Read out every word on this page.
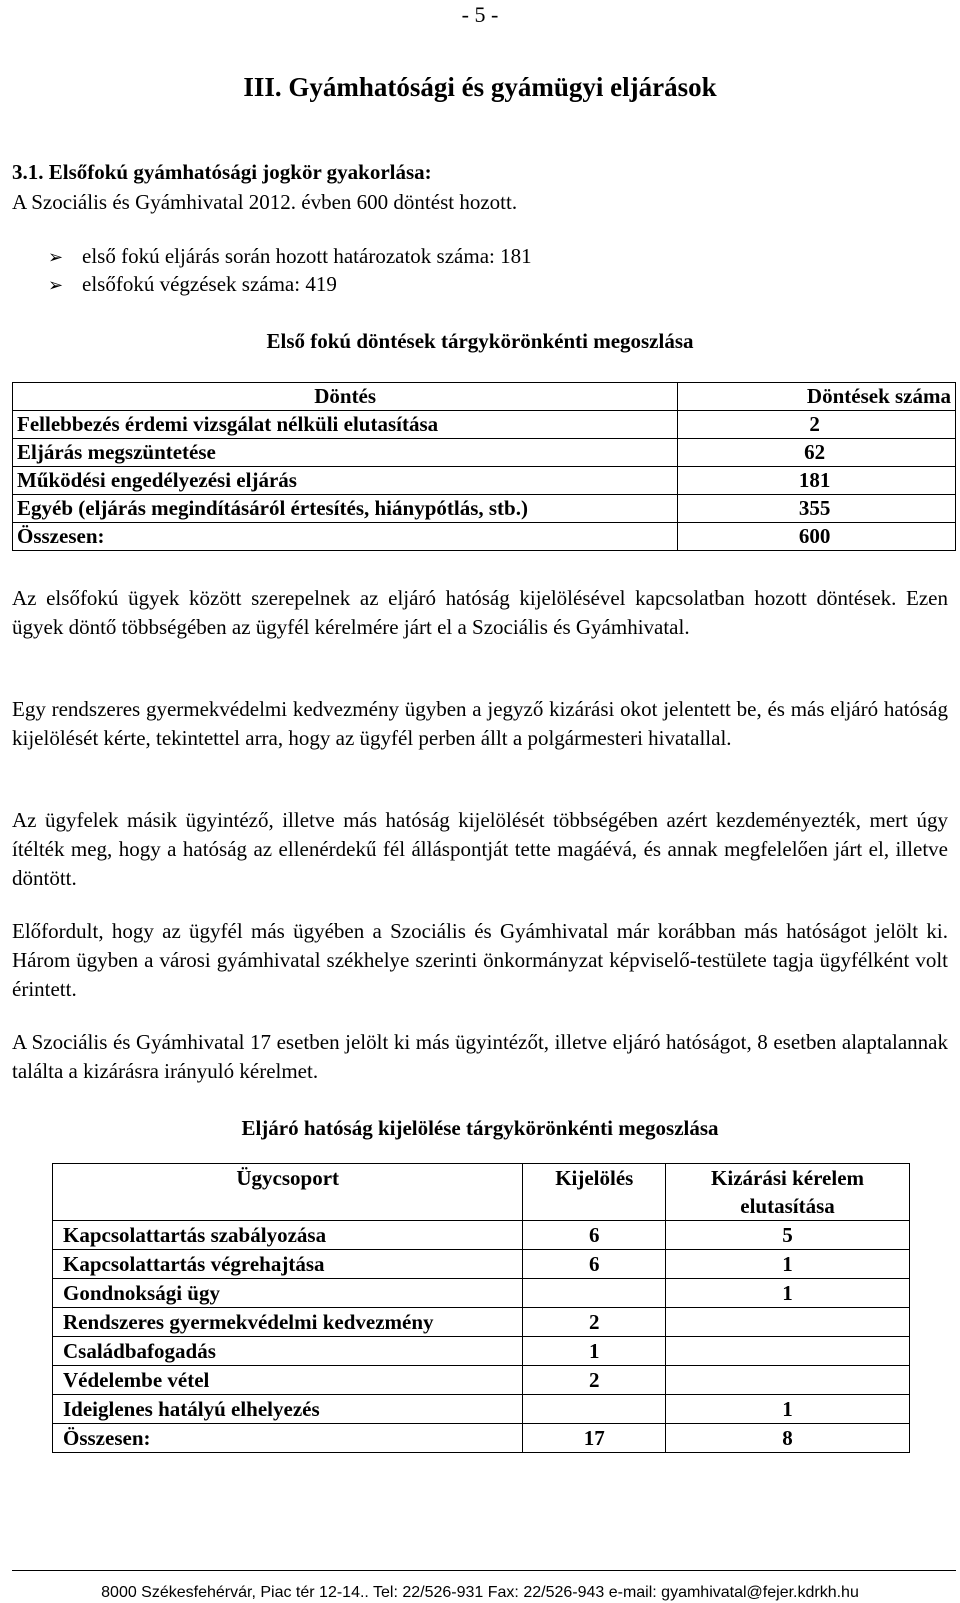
- 5 -
III. Gyámhatósági és gyámügyi eljárások
3.1. Elsőfokú gyámhatósági jogkör gyakorlása:
A Szociális és Gyámhivatal 2012. évben 600 döntést hozott.
➢ első fokú eljárás során hozott határozatok száma: 181
➢ elsőfokú végzések száma: 419
Első fokú döntések tárgykörönkénti megoszlása
Döntés	Döntések száma
Fellebbezés érdemi vizsgálat nélküli elutasítása	2
Eljárás megszüntetése	62
Működési engedélyezési eljárás	181
Egyéb (eljárás megindításáról értesítés, hiánypótlás, stb.)	355
Összesen:	600

Az elsőfokú ügyek között szerepelnek az eljáró hatóság kijelölésével kapcsolatban hozott döntések. Ezen ügyek döntő többségében az ügyfél kérelmére járt el a Szociális és Gyámhivatal.

Egy rendszeres gyermekvédelmi kedvezmény ügyben a jegyző kizárási okot jelentett be, és más eljáró hatóság kijelölését kérte, tekintettel arra, hogy az ügyfél perben állt a polgármesteri hivatallal.

Az ügyfelek másik ügyintéző, illetve más hatóság kijelölését többségében azért kezdeményezték, mert úgy ítélték meg, hogy a hatóság az ellenérdekű fél álláspontját tette magáévá, és annak megfelelően járt el, illetve döntött.

Előfordult, hogy az ügyfél más ügyében a Szociális és Gyámhivatal már korábban más hatóságot jelölt ki. Három ügyben a városi gyámhivatal székhelye szerinti önkormányzat képviselő-testülete tagja ügyfélként volt érintett.

A Szociális és Gyámhivatal 17 esetben jelölt ki más ügyintézőt, illetve eljáró hatóságot, 8 esetben alaptalannak találta a kizárásra irányuló kérelmet.

Eljáró hatóság kijelölése tárgykörönkénti megoszlása
Ügycsoport	Kijelölés	Kizárási kérelem elutasítása
Kapcsolattartás szabályozása	6	5
Kapcsolattartás végrehajtása	6	1
Gondnoksági ügy		1
Rendszeres gyermekvédelmi kedvezmény	2	
Családbafogadás	1	
Védelembe vétel	2	
Ideiglenes hatályú elhelyezés		1
Összesen:	17	8
8000 Székesfehérvár, Piac tér 12-14.. Tel: 22/526-931 Fax: 22/526-943 e-mail: gyamhivatal@fejer.kdrkh.hu
